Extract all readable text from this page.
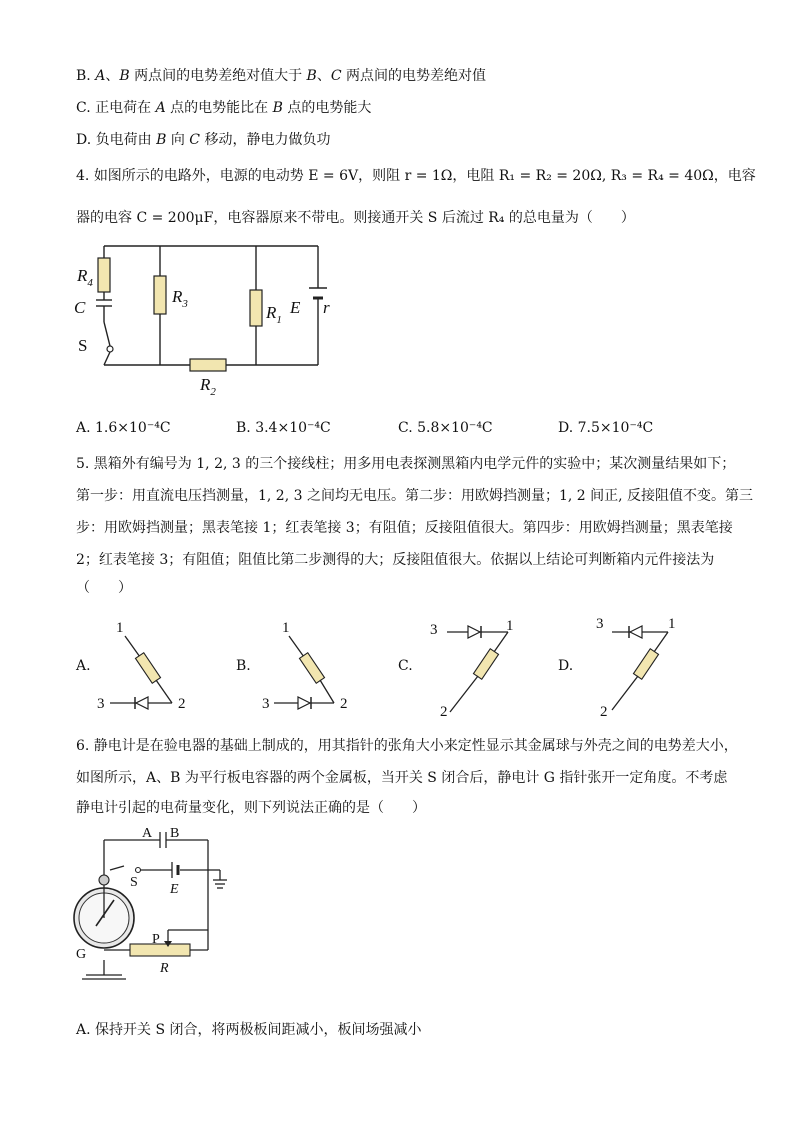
B. A、B 两点间的电势差绝对值大于 B、C 两点间的电势差绝对值
C. 正电荷在 A 点的电势能比在 B 点的电势能大
D. 负电荷由 B 向 C 移动，静电力做负功
4. 如图所示的电路外，电源的电动势 E = 6V，则阻 r = 1Ω，电阻 R₁ = R₂ = 20Ω, R₃ = R₄ = 40Ω，电容
器的电容 C = 200μF，电容器原来不带电。则接通开关 S 后流过 R₄ 的总电量为（　　）
$R_4$
C
$R_3$	$R_1$
E r
S
$R_2$
A. 1.6×10⁻⁴C	B. 3.4×10⁻⁴C	C. 5.8×10⁻⁴C	D. 7.5×10⁻⁴C
5. 黑箱外有编号为 1, 2, 3 的三个接线柱；用多用电表探测黑箱内电学元件的实验中；某次测量结果如下；
第一步：用直流电压挡测量，1, 2, 3 之间均无电压。第二步：用欧姆挡测量；1, 2 间正, 反接阻值不变。第三
步：用欧姆挡测量；黑表笔接 1；红表笔接 3；有阻值；反接阻值很大。第四步：用欧姆挡测量；黑表笔接
2；红表笔接 3；有阻值；阻值比第二步测得的大；反接阻值很大。依据以上结论可判断箱内元件接法为
（　　）
1
3	2
1
3	2
3	1
2
3	1
2
A.	B.	C.	D.
6. 静电计是在验电器的基础上制成的，用其指针的张角大小来定性显示其金属球与外壳之间的电势差大小，
如图所示，A、B 为平行板电容器的两个金属板，当开关 S 闭合后，静电计 G 指针张开一定角度。不考虑
静电计引起的电荷量变化，则下列说法正确的是（　　）
A B
S E
G
P
R
A. 保持开关 S 闭合，将两极板间距减小，板间场强减小
